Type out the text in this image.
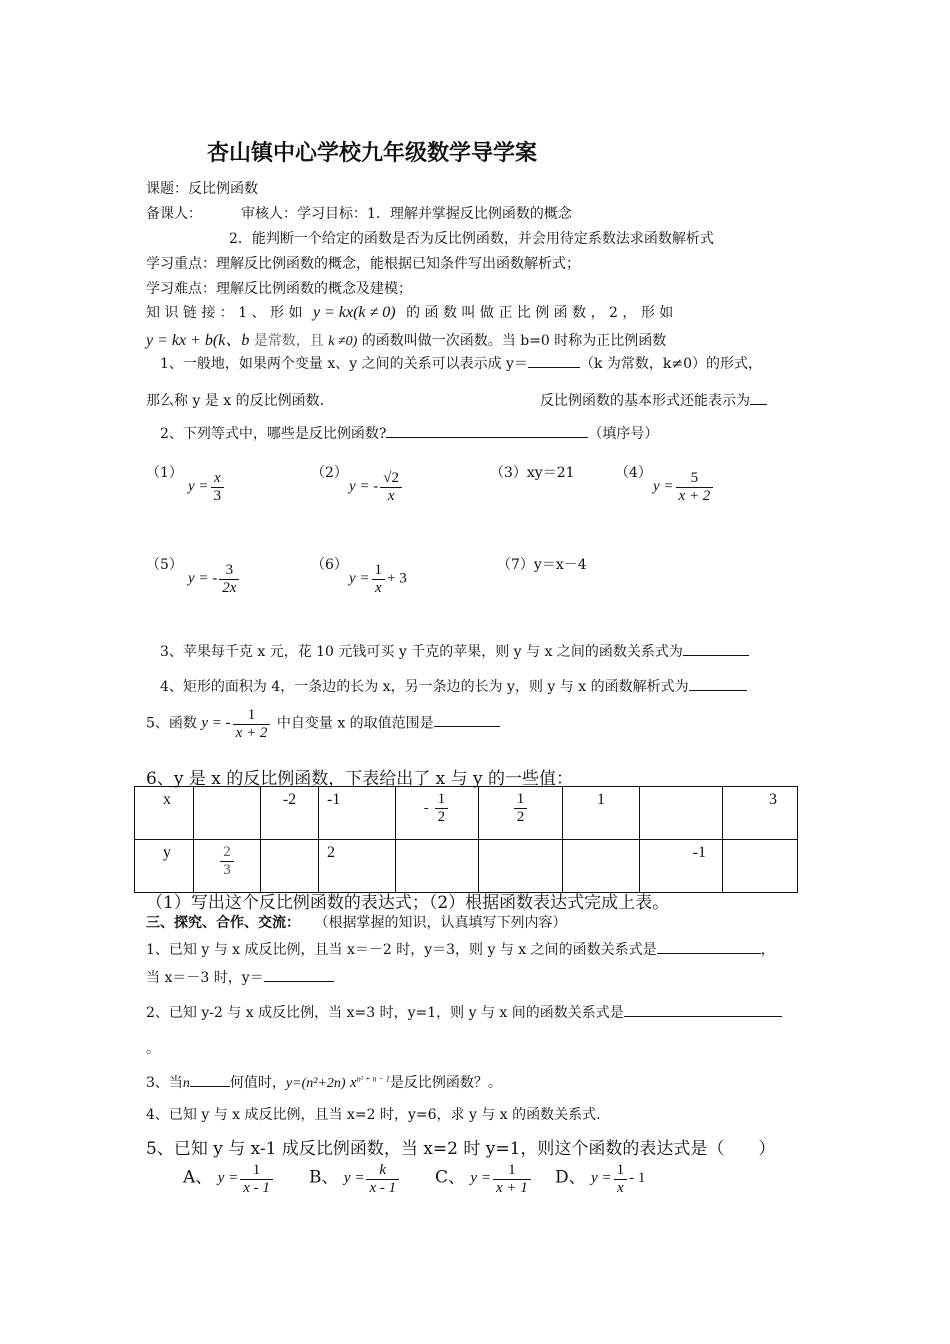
杏山镇中心学校九年级数学导学案
课题：反比例函数
备课人：	审核人：学习目标：1．理解并掌握反比例函数的概念
2．能判断一个给定的函数是否为反比例函数，并会用待定系数法求函数解析式
学习重点：理解反比例函数的概念，能根据已知条件写出函数解析式；
学习难点：理解反比例函数的概念及建模；
知 识 链 接 ： 1 、 形 如 y = kx(k ≠ 0) 的 函 数 叫 做 正 比 例 函 数 ， 2 ， 形 如
y = kx + b(k、b 是常数，且 k ≠0) 的函数叫做一次函数。当 b=0 时称为正比例函数
1、一般地，如果两个变量 x、y 之间的关系可以表示成 y＝	（k 为常数，k≠0）的形式，
那么称 y 是 x 的反比例函数.	反比例函数的基本形式还能表示为
2、下列等式中，哪些是反比例函数?	（填序号）
（1）
$y = \frac{x}{3}$	（2）
y = - $\frac{√2}{x}$	（3）xy＝21	（4）
$y = \frac{5}{x + 2}$
（5）
y = - $\frac{3}{2x}$	（6）
$y = \frac{1}{x} + 3$
（7）y＝x－4
3、苹果每千克 x 元，花 10 元钱可买 y 千克的苹果，则 y 与 x 之间的函数关系式为
4、矩形的面积为 4，一条边的长为 x，另一条边的长为 y，则 y 与 x 的函数解析式为
5、函数 y = - $\frac{1}{x + 2}$ 中自变量 x 的取值范围是
6、y 是 x 的反比例函数，下表给出了 x 与 y 的一些值：
x		-2	-1	- $\frac{1}{2}$	$\frac{1}{2}$	1		3
y	$\frac{2}{3}$		2				-1	
（1）写出这个反比例函数的表达式；（2）根据函数表达式完成上表。
三、探究、合作、交流： （根据掌握的知识，认真填写下列内容）
1、已知 y 与 x 成反比例，且当 x＝－2 时，y＝3，则 y 与 x 之间的函数关系式是	，
当 x＝－3 时，y＝
2、已知 y-2 与 x 成反比例，当 x=3 时，y=1，则 y 与 x 间的函数关系式是
。
3、当n	何值时，y=(n²+2n) $x^{n^2 + n - 1}$是反比例函数？。
4、已知 y 与 x 成反比例，且当 x=2 时，y=6，求 y 与 x 的函数关系式.
5、已知 y 与 x-1 成反比例函数，当 x=2 时 y=1，则这个函数的表达式是（　　）
A、 $y = \frac{1}{x - 1}$ B、 $y = \frac{k}{x - 1}$ C、 $y = \frac{1}{x + 1}$ D、 $y = \frac{1}{x} - 1$
